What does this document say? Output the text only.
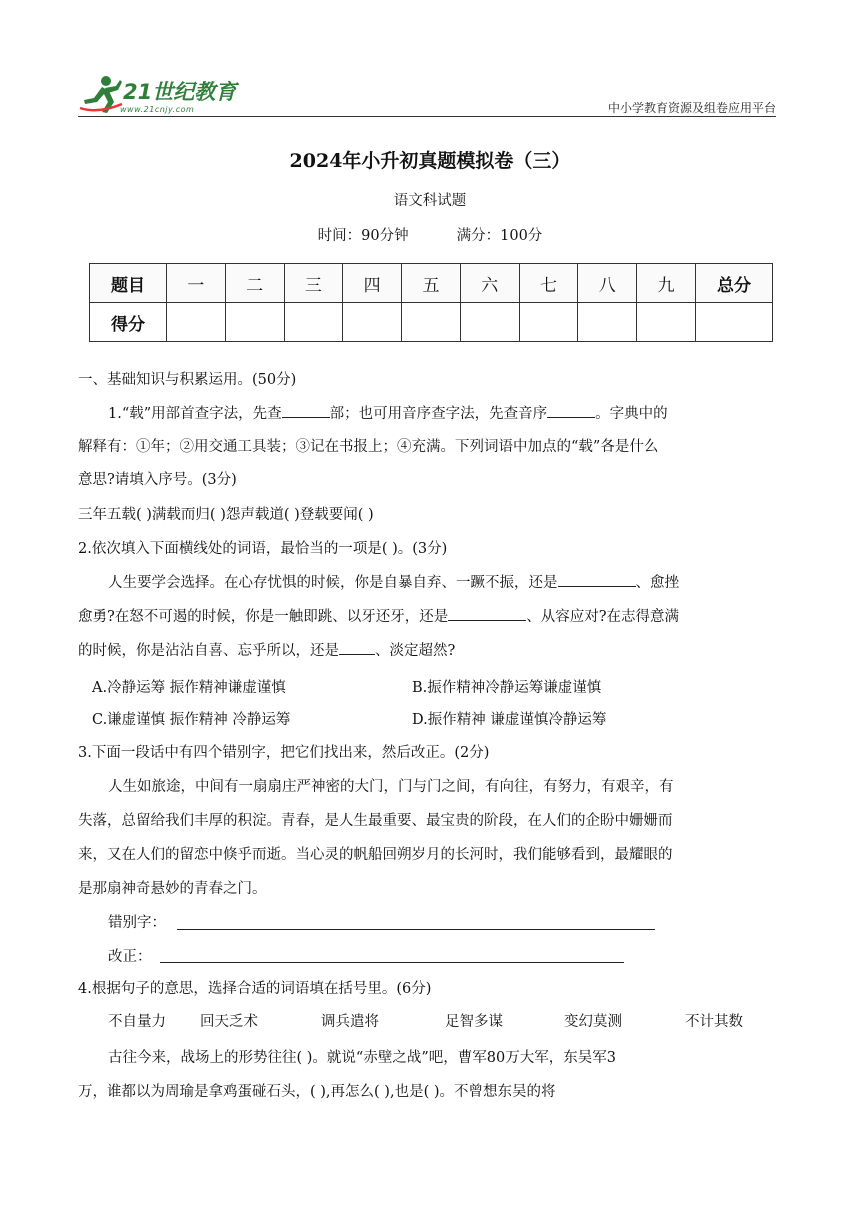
21世纪教育
www.21cnjy.com	中小学教育资源及组卷应用平台
2024年小升初真题模拟卷（三）
语文科试题
时间：90分钟	满分：100分
题目	一	二	三	四	五	六	七	八	九	总分
得分										
一、基础知识与积累运用。(50分)
1.“载”用部首查字法，先查	部；也可用音序查字法，先查音序	。字典中的
解释有：①年；②用交通工具装；③记在书报上；④充满。下列词语中加点的“载”各是什么
意思?请填入序号。(3分)
三年五载( )满载而归( )怨声载道( )登载要闻( )
2.依次填入下面横线处的词语，最恰当的一项是( )。(3分)
人生要学会选择。在心存忧惧的时候，你是自暴自弃、一蹶不振，还是	、愈挫
愈勇?在怒不可遏的时候，你是一触即跳、以牙还牙，还是	、从容应对?在志得意满
的时候，你是沾沾自喜、忘乎所以，还是 、淡定超然?
A.冷静运筹 振作精神谦虚谨慎	B.振作精神冷静运筹谦虚谨慎
C.谦虚谨慎 振作精神 冷静运筹	D.振作精神 谦虚谨慎冷静运筹
3.下面一段话中有四个错别字，把它们找出来，然后改正。(2分)
人生如旅途，中间有一扇扇庄严神密的大门，门与门之间，有向往，有努力，有艰辛，有
失落，总留给我们丰厚的积淀。青春，是人生最重要、最宝贵的阶段，在人们的企盼中姗姗而
来，又在人们的留恋中倏乎而逝。当心灵的帆船回朔岁月的长河时，我们能够看到，最耀眼的
是那扇神奇悬妙的青春之门。
错别字：
改正：
4.根据句子的意思，选择合适的词语填在括号里。(6分)
不自量力 回天乏术	调兵遣将	足智多谋	变幻莫测	不计其数
古往今来，战场上的形势往往( )。就说“赤壁之战”吧，曹军80万大军，东吴军3
万，谁都以为周瑜是拿鸡蛋碰石头，( ),再怎么( ),也是( )。不曾想东吴的将
